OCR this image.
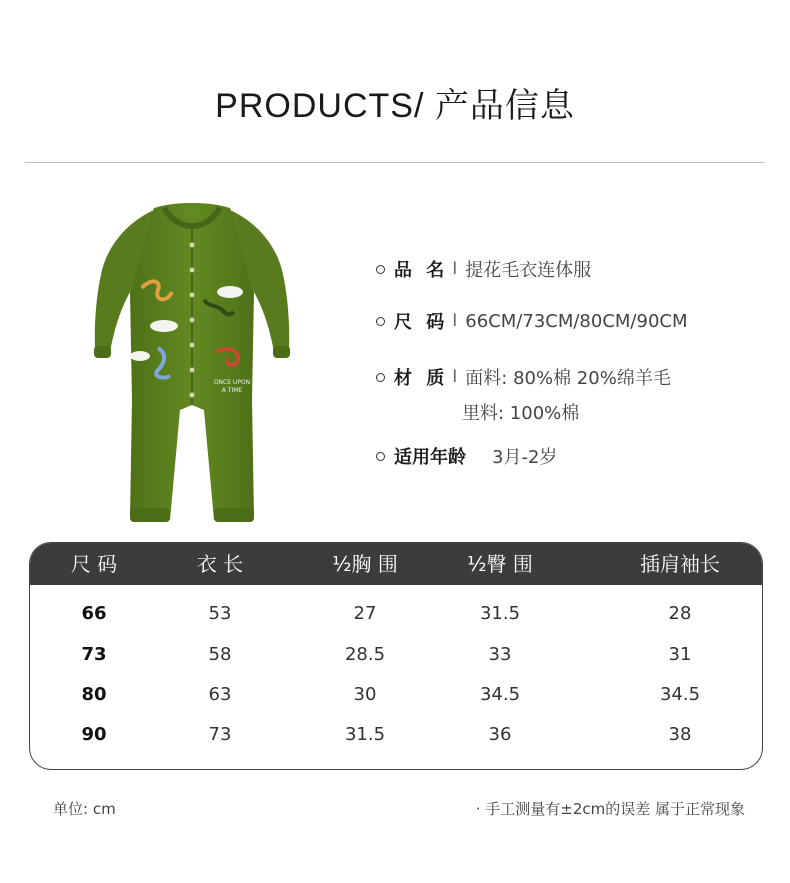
PRODUCTS/ 产品信息
ONCE UPON
A TIME
品 名 I 提花毛衣连体服
尺 码 I 66CM/73CM/80CM/90CM
材 质 I 面料: 80%棉 20%绵羊毛
里料: 100%棉
适用年龄 3月-2岁
尺 码	衣 长	½胸 围	½臀 围	插肩袖长
66	53	27	31.5	28
73	58	28.5	33	31
80	63	30	34.5	34.5
90	73	31.5	36	38
单位: cm	· 手工测量有±2cm的误差 属于正常现象
